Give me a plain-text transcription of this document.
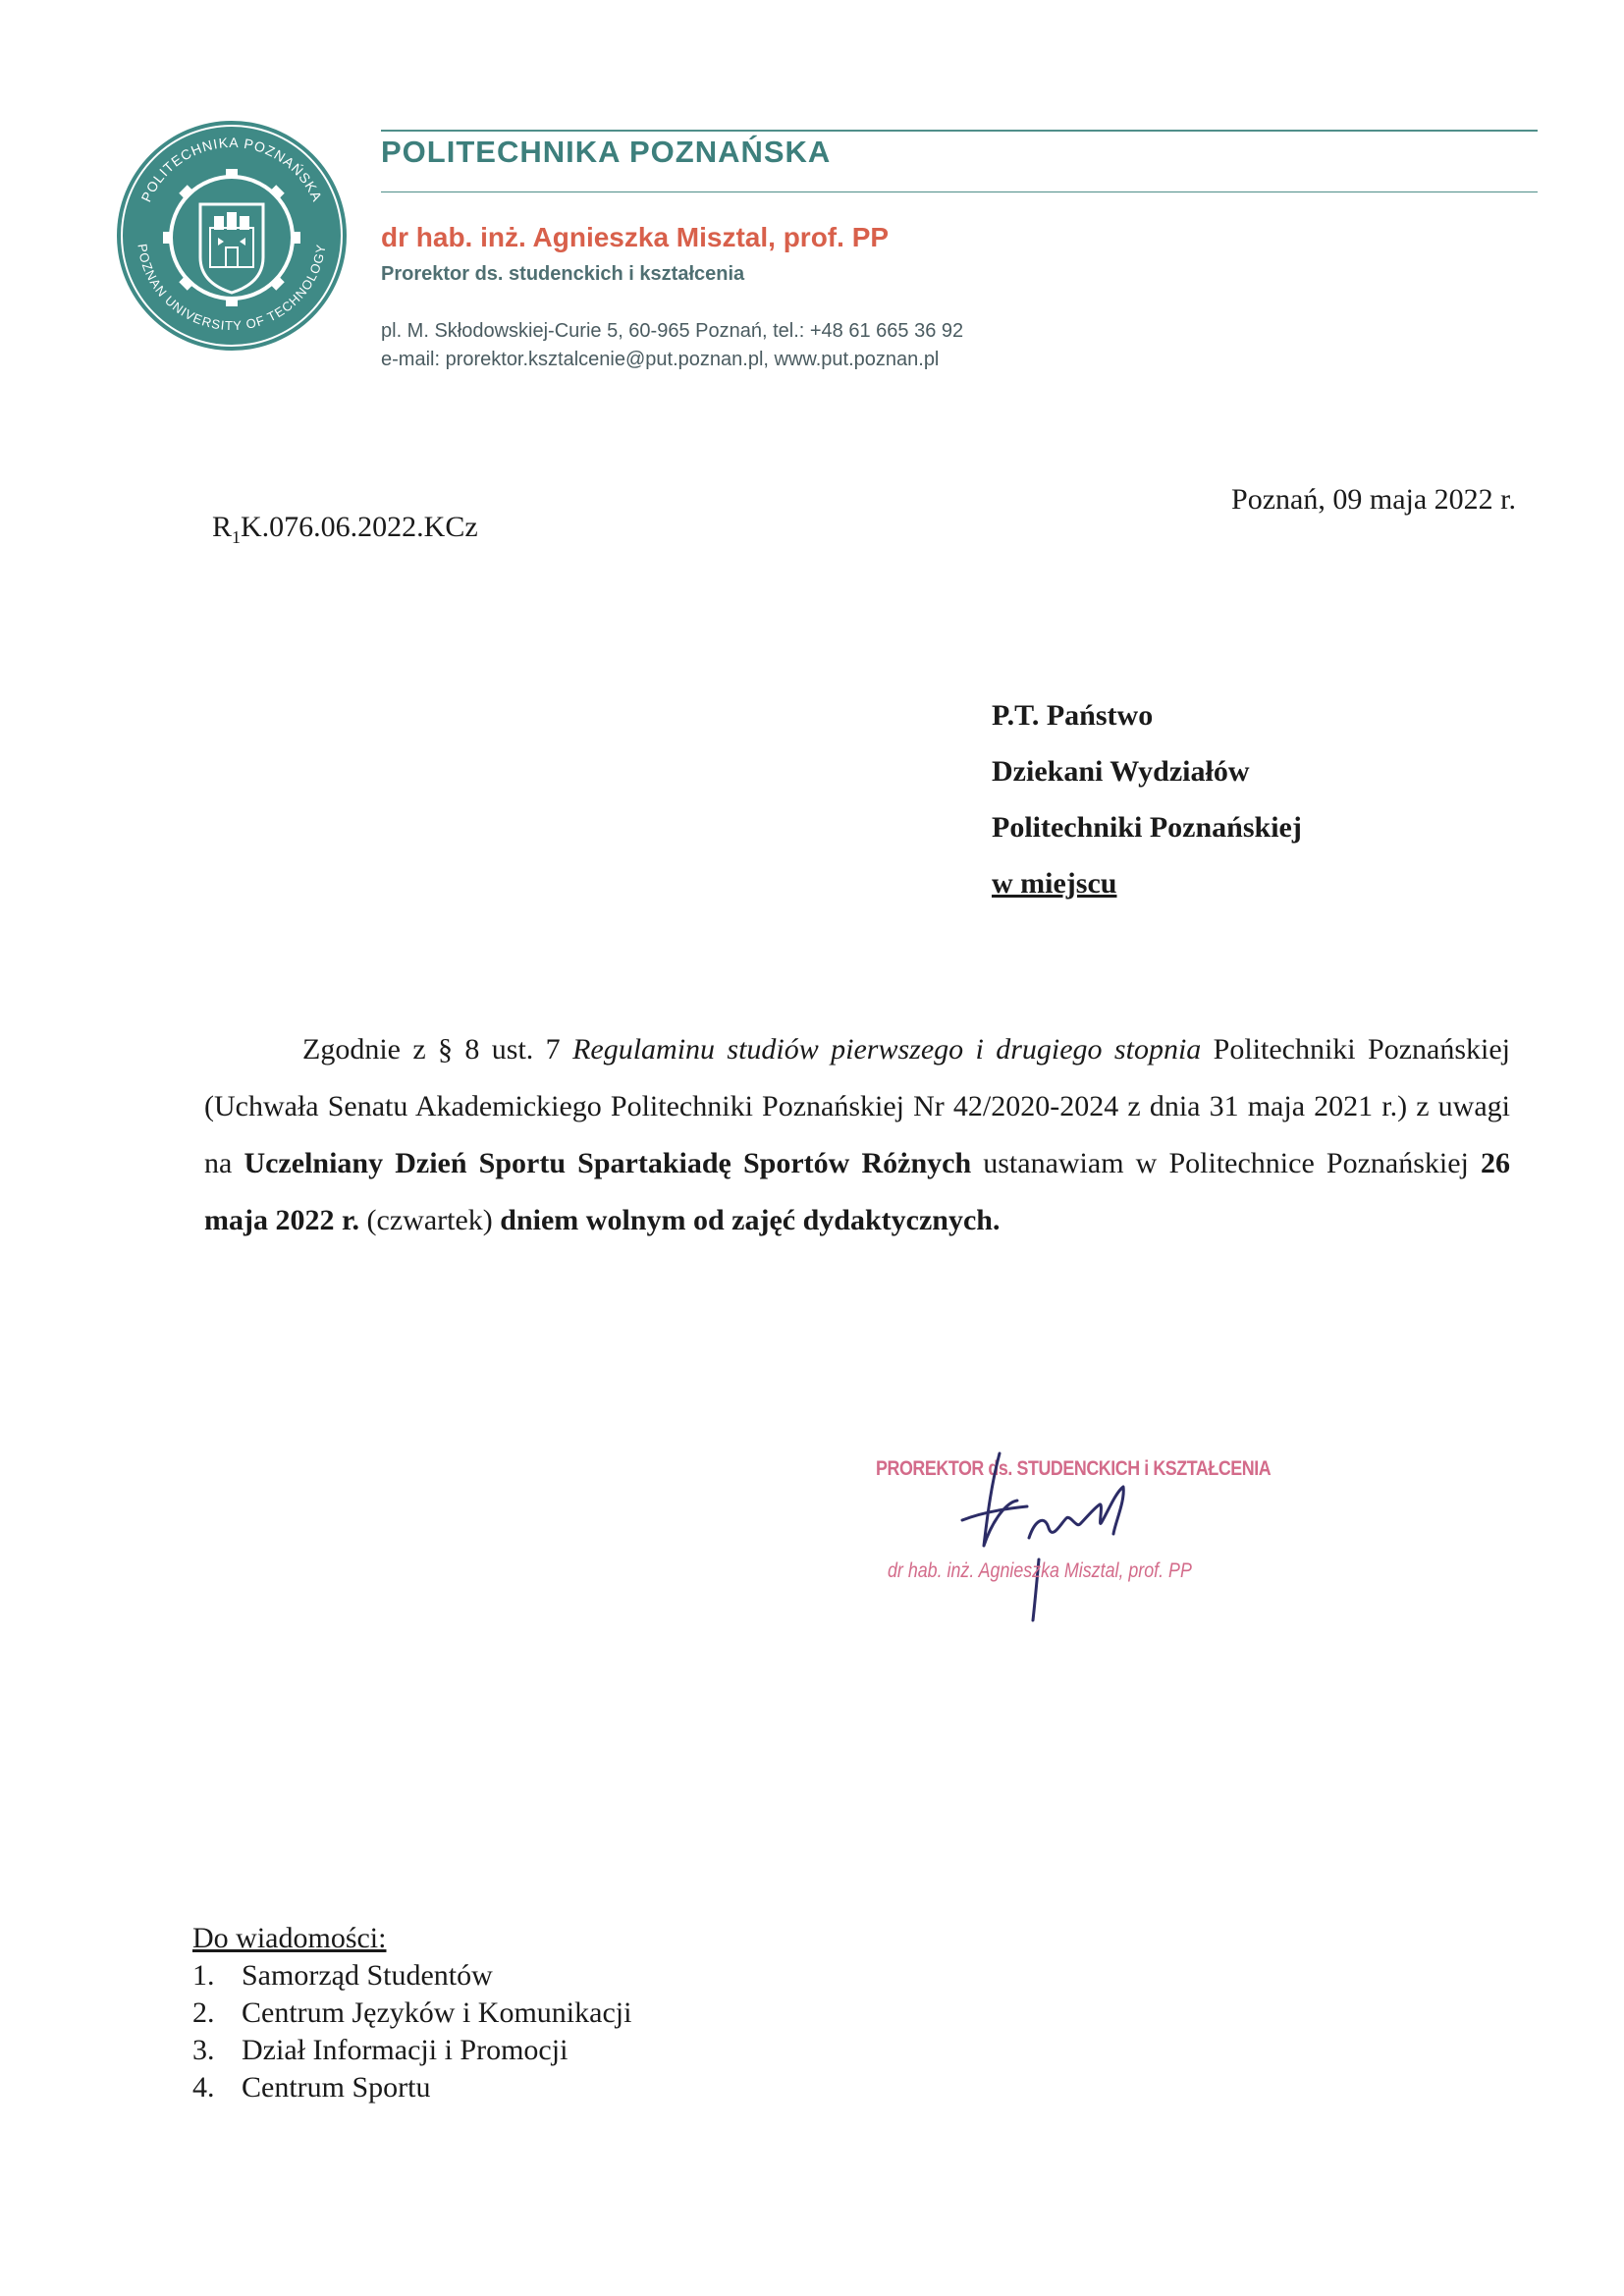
POLITECHNIKA POZNAŃSKA
POZNAN UNIVERSITY OF TECHNOLOGY
POLITECHNIKA POZNAŃSKA
dr hab. inż. Agnieszka Misztal, prof. PP
Prorektor ds. studenckich i kształcenia
pl. M. Skłodowskiej-Curie 5, 60-965 Poznań, tel.: +48 61 665 36 92
e-mail: prorektor.ksztalcenie@put.poznan.pl, www.put.poznan.pl
$R_1K.076.06.2022.KCz$
Poznań, 09 maja 2022 r.
P.T. Państwo
Dziekani Wydziałów
Politechniki Poznańskiej
w miejscu

Zgodnie z § 8 ust. 7 Regulaminu studiów pierwszego i drugiego stopnia Politechniki Poznańskiej (Uchwała Senatu Akademickiego Politechniki Poznańskiej Nr 42/2020-2024 z dnia 31 maja 2021 r.) z uwagi na Uczelniany Dzień Sportu Spartakiadę Sportów Różnych ustanawiam w Politechnice Poznańskiej 26 maja 2022 r. (czwartek) dniem wolnym od zajęć dydaktycznych.

PROREKTOR ds. STUDENCKICH i KSZTAŁCENIA
dr hab. inż. Agnieszka Misztal, prof. PP
Do wiadomości:
1. Samorząd Studentów
2. Centrum Języków i Komunikacji
3. Dział Informacji i Promocji
4. Centrum Sportu
